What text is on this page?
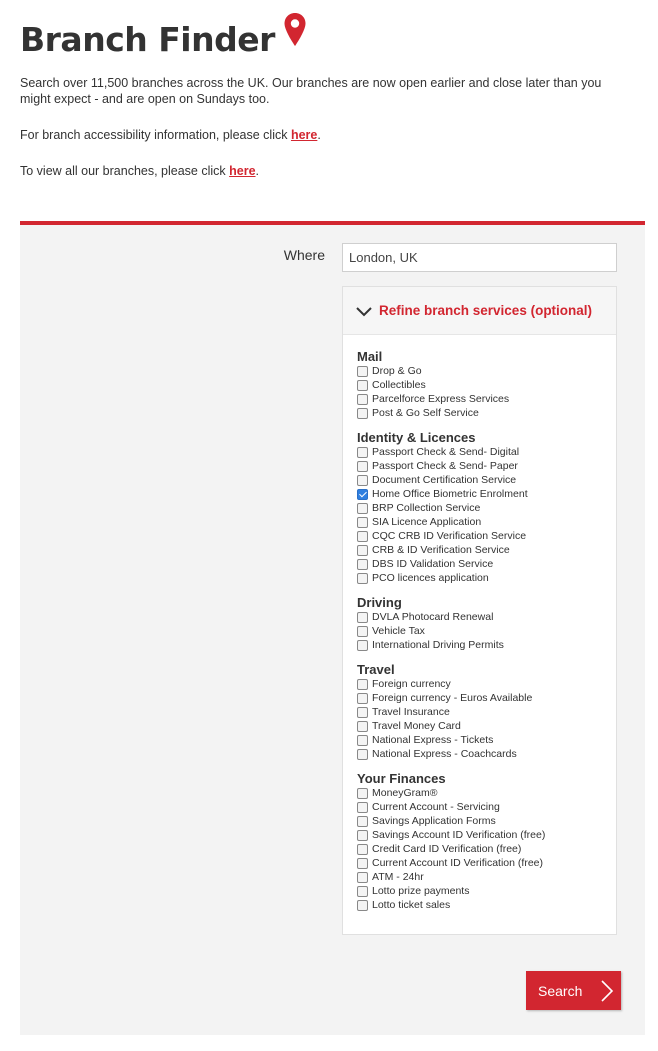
Branch Finder

Search over 11,500 branches across the UK. Our branches are now open earlier and close later than you might expect - and are open on Sundays too.

For branch accessibility information, please click here.

To view all our branches, please click here.

Where
London, UK
Refine branch services (optional)
Mail
Drop & Go
Collectibles
Parcelforce Express Services
Post & Go Self Service
Identity & Licences
Passport Check & Send- Digital
Passport Check & Send- Paper
Document Certification Service
Home Office Biometric Enrolment
BRP Collection Service
SIA Licence Application
CQC CRB ID Verification Service
CRB & ID Verification Service
DBS ID Validation Service
PCO licences application
Driving
DVLA Photocard Renewal
Vehicle Tax
International Driving Permits
Travel
Foreign currency
Foreign currency - Euros Available
Travel Insurance
Travel Money Card
National Express - Tickets
National Express - Coachcards
Your Finances
MoneyGram®
Current Account - Servicing
Savings Application Forms
Savings Account ID Verification (free)
Credit Card ID Verification (free)
Current Account ID Verification (free)
ATM - 24hr
Lotto prize payments
Lotto ticket sales
Search
